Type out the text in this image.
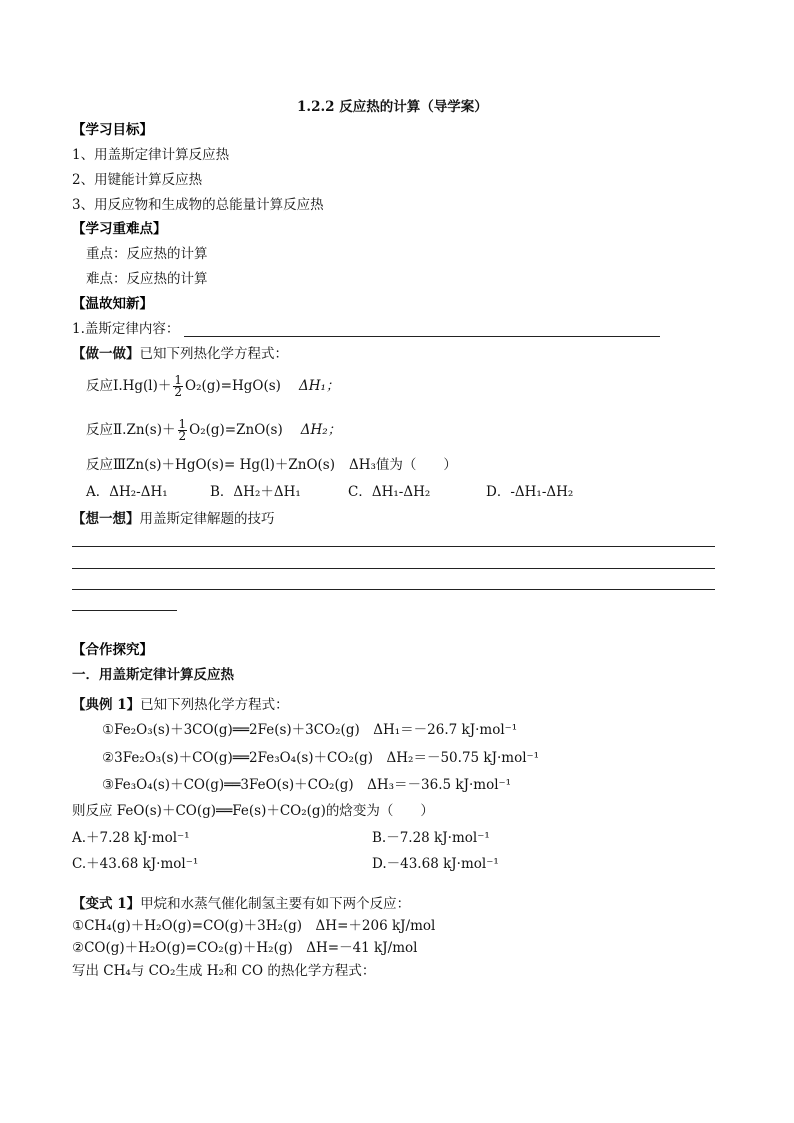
1.2.2 反应热的计算（导学案）
【学习目标】
1、用盖斯定律计算反应热
2、用键能计算反应热
3、用反应物和生成物的总能量计算反应热
【学习重难点】
重点：反应热的计算
难点：反应热的计算
【温故知新】
1.盖斯定律内容：
【做一做】已知下列热化学方程式：
反应Ⅰ.Hg(l)＋ $\frac{1}{2} O_2(g)=HgO(s)$ ΔH₁；
反应Ⅱ.Zn(s)＋ $\frac{1}{2} O_2(g)=ZnO(s)$ ΔH₂；
反应ⅢZn(s)＋HgO(s)= Hg(l)＋ZnO(s) ΔH₃值为（　　）
A．ΔH₂-ΔH₁	B．ΔH₂＋ΔH₁	C．ΔH₁-ΔH₂	D．-ΔH₁-ΔH₂
【想一想】用盖斯定律解题的技巧
【合作探究】
一．用盖斯定律计算反应热
【典例 1】已知下列热化学方程式：
①Fe₂O₃(s)＋3CO(g)══2Fe(s)＋3CO₂(g)　ΔH₁＝－26.7 kJ·mol⁻¹
②3Fe₂O₃(s)＋CO(g)══2Fe₃O₄(s)＋CO₂(g)　ΔH₂＝－50.75 kJ·mol⁻¹
③Fe₃O₄(s)＋CO(g)══3FeO(s)＋CO₂(g)　ΔH₃＝－36.5 kJ·mol⁻¹
则反应 FeO(s)＋CO(g)══Fe(s)＋CO₂(g)的焓变为（　　）
A.＋7.28 kJ·mol⁻¹	B.－7.28 kJ·mol⁻¹
C.＋43.68 kJ·mol⁻¹	D.－43.68 kJ·mol⁻¹
【变式 1】甲烷和水蒸气催化制氢主要有如下两个反应：
①CH₄(g)＋H₂O(g)=CO(g)＋3H₂(g)　ΔH=＋206 kJ/mol
②CO(g)＋H₂O(g)=CO₂(g)＋H₂(g)　ΔH=－41 kJ/mol
写出 CH₄与 CO₂生成 H₂和 CO 的热化学方程式：
